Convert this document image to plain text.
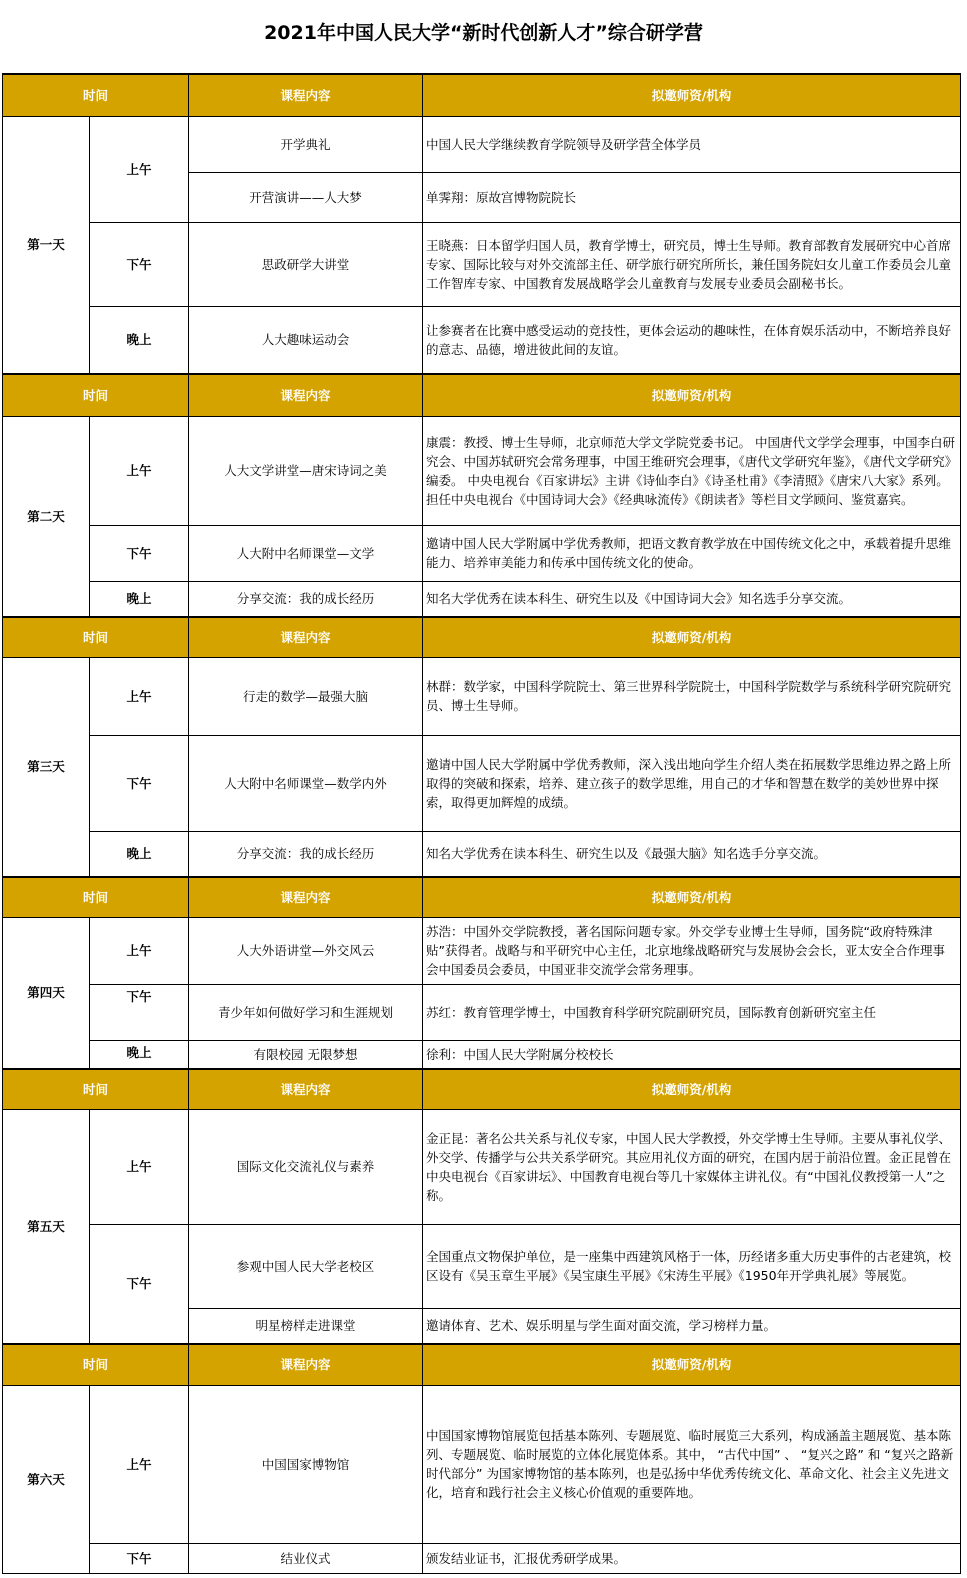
2021年中国人民大学“新时代创新人才”综合研学营
时间		课程内容	拟邀师资/机构
第一天	上午	开学典礼	中国人民大学继续教育学院领导及研学营全体学员
		开营演讲——人大梦	单霁翔：原故宫博物院院长
	下午	思政研学大讲堂	王晓燕：日本留学归国人员，教育学博士，研究员，博士生导师。教育部教育发展研究中心首席专家、国际比较与对外交流部主任、研学旅行研究所所长，兼任国务院妇女儿童工作委员会儿童工作智库专家、中国教育发展战略学会儿童教育与发展专业委员会副秘书长。
	晚上	人大趣味运动会	让参赛者在比赛中感受运动的竞技性，更体会运动的趣味性，在体育娱乐活动中，不断培养良好的意志、品德，增进彼此间的友谊。
时间		课程内容	拟邀师资/机构
第二天	上午	人大文学讲堂—唐宋诗词之美	康震：教授、博士生导师，北京师范大学文学院党委书记。 中国唐代文学学会理事，中国李白研究会、中国苏轼研究会常务理事，中国王维研究会理事，《唐代文学研究年鉴》，《唐代文学研究》编委。 中央电视台《百家讲坛》主讲《诗仙李白》《诗圣杜甫》《李清照》《唐宋八大家》系列。担任中央电视台《中国诗词大会》《经典咏流传》《朗读者》等栏目文学顾问、鉴赏嘉宾。
	下午	人大附中名师课堂—文学	邀请中国人民大学附属中学优秀教师，把语文教育教学放在中国传统文化之中，承载着提升思维能力、培养审美能力和传承中国传统文化的使命。
	晚上	分享交流：我的成长经历	知名大学优秀在读本科生、研究生以及《中国诗词大会》知名选手分享交流。
时间		课程内容	拟邀师资/机构
第三天	上午	行走的数学—最强大脑	林群：数学家，中国科学院院士、第三世界科学院院士，中国科学院数学与系统科学研究院研究员、博士生导师。
	下午	人大附中名师课堂—数学内外	邀请中国人民大学附属中学优秀教师，深入浅出地向学生介绍人类在拓展数学思维边界之路上所取得的突破和探索，培养、建立孩子的数学思维，用自己的才华和智慧在数学的美妙世界中探索，取得更加辉煌的成绩。
	晚上	分享交流：我的成长经历	知名大学优秀在读本科生、研究生以及《最强大脑》知名选手分享交流。
时间		课程内容	拟邀师资/机构
第四天	上午	人大外语讲堂—外交风云	苏浩：中国外交学院教授，著名国际问题专家。外交学专业博士生导师，国务院“政府特殊津贴”获得者。战略与和平研究中心主任，北京地缘战略研究与发展协会会长，亚太安全合作理事会中国委员会委员，中国亚非交流学会常务理事。

	下午	青少年如何做好学习和生涯规划	苏红：教育管理学博士，中国教育科学研究院副研究员，国际教育创新研究室主任

	晚上	有限校园 无限梦想	徐利：中国人民大学附属分校校长
时间		课程内容	拟邀师资/机构
第五天	上午	国际文化交流礼仪与素养	金正昆：著名公共关系与礼仪专家，中国人民大学教授，外交学博士生导师。主要从事礼仪学、外交学、传播学与公共关系学研究。其应用礼仪方面的研究，在国内居于前沿位置。金正昆曾在中央电视台《百家讲坛》、中国教育电视台等几十家媒体主讲礼仪。有“中国礼仪教授第一人”之称。
	下午	参观中国人民大学老校区	全国重点文物保护单位，是一座集中西建筑风格于一体，历经诸多重大历史事件的古老建筑，校区设有《吴玉章生平展》《吴宝康生平展》《宋涛生平展》《1950年开学典礼展》等展览。
		明星榜样走进课堂	邀请体育、艺术、娱乐明星与学生面对面交流，学习榜样力量。
时间		课程内容	拟邀师资/机构
第六天	上午	中国国家博物馆	中国国家博物馆展览包括基本陈列、专题展览、临时展览三大系列，构成涵盖主题展览、基本陈列、专题展览、临时展览的立体化展览体系。其中， “古代中国” 、 “复兴之路” 和 “复兴之路新时代部分” 为国家博物馆的基本陈列，也是弘扬中华优秀传统文化、革命文化、社会主义先进文化，培育和践行社会主义核心价值观的重要阵地。
	下午	结业仪式	颁发结业证书，汇报优秀研学成果。
